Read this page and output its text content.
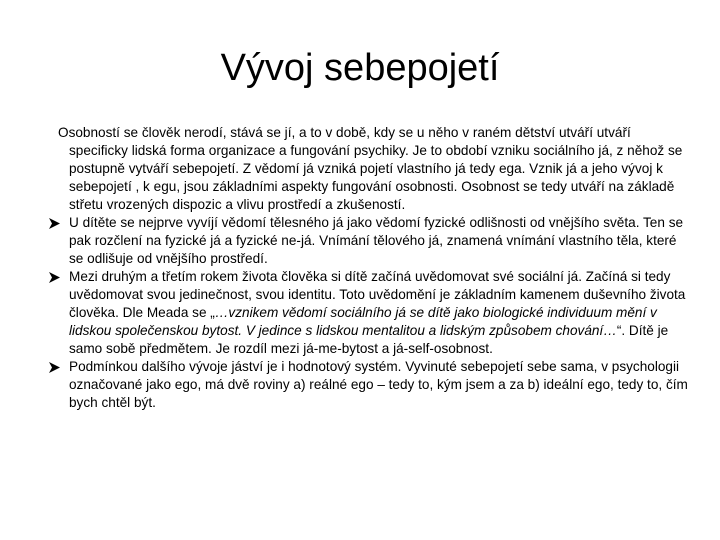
Vývoj sebepojetí

Osobností se člověk nerodí, stává se jí, a to v době, kdy se u něho v raném dětství utváří utváří specificky lidská forma organizace a fungování psychiky. Je to období vzniku sociálního já, z něhož se postupně vytváří sebepojetí. Z vědomí já vzniká pojetí vlastního já tedy ega. Vznik já a jeho vývoj k sebepojetí , k egu, jsou základními aspekty fungování osobnosti. Osobnost se tedy utváří na základě střetu vrozených dispozic a vlivu prostředí a zkušeností.

U dítěte se nejprve vyvíjí vědomí tělesného já jako vědomí fyzické odlišnosti od vnějšího světa. Ten se pak rozčlení na fyzické já a fyzické ne-já. Vnímání tělového já, znamená vnímání vlastního těla, které se odlišuje od vnějšího prostředí.
Mezi druhým a třetím rokem života člověka si dítě začíná uvědomovat své sociální já. Začíná si tedy uvědomovat svou jedinečnost, svou identitu. Toto uvědomění je základním kamenem duševního života člověka. Dle Meada se „…vznikem vědomí sociálního já se dítě jako biologické individuum mění v lidskou společenskou bytost. V jedince s lidskou mentalitou a lidským způsobem chování…“. Dítě je samo sobě předmětem. Je rozdíl mezi já-me-bytost a já-self-osobnost.
Podmínkou dalšího vývoje jáství je i hodnotový systém. Vyvinuté sebepojetí sebe sama, v psychologii označované jako ego, má dvě roviny a) reálné ego – tedy to, kým jsem a za b) ideální ego, tedy to, čím bych chtěl být.
